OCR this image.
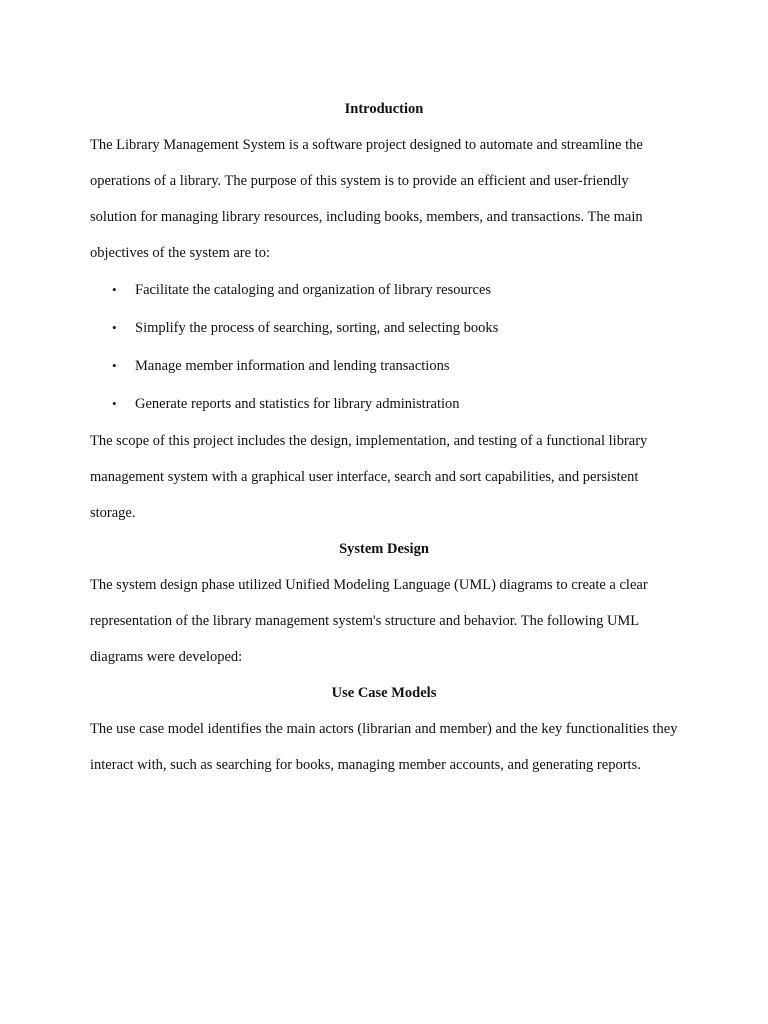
Introduction

The Library Management System is a software project designed to automate and streamline the operations of a library. The purpose of this system is to provide an efficient and user-friendly solution for managing library resources, including books, members, and transactions. The main objectives of the system are to:

• Facilitate the cataloging and organization of library resources
• Simplify the process of searching, sorting, and selecting books
• Manage member information and lending transactions
• Generate reports and statistics for library administration

The scope of this project includes the design, implementation, and testing of a functional library management system with a graphical user interface, search and sort capabilities, and persistent storage.

System Design

The system design phase utilized Unified Modeling Language (UML) diagrams to create a clear representation of the library management system's structure and behavior. The following UML diagrams were developed:

Use Case Models

The use case model identifies the main actors (librarian and member) and the key functionalities they interact with, such as searching for books, managing member accounts, and generating reports.
